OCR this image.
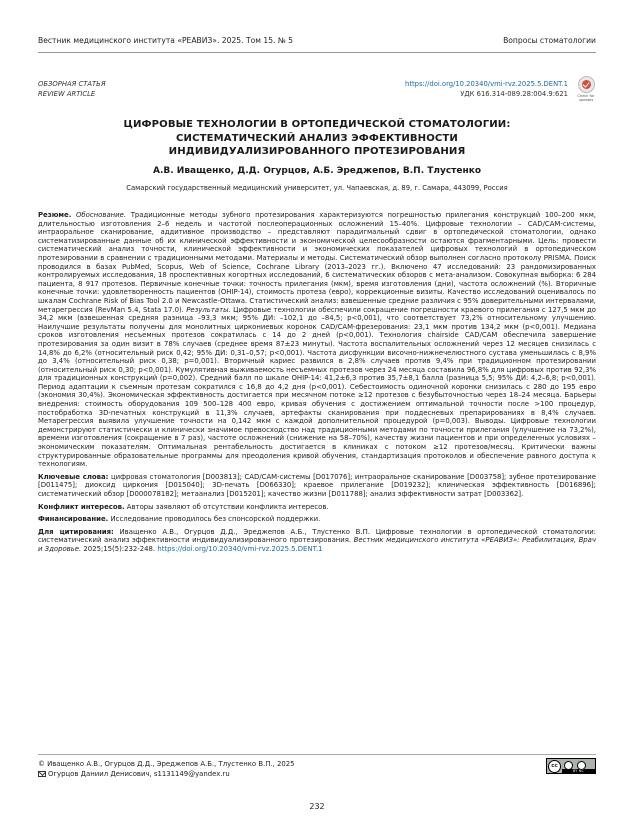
Вестник медицинского института «РЕАВИЗ». 2025. Том 15. № 5	Вопросы стоматологии
ОБЗОРНАЯ СТАТЬЯ
REVIEW ARTICLE
https://doi.org/10.20340/vmi-rvz.2025.5.DENT.1
УДК 616.314-089.28:004.9:621	Check for updates
ЦИФРОВЫЕ ТЕХНОЛОГИИ В ОРТОПЕДИЧЕСКОЙ СТОМАТОЛОГИИ:
СИСТЕМАТИЧЕСКИЙ АНАЛИЗ ЭФФЕКТИВНОСТИ
ИНДИВИДУАЛИЗИРОВАННОГО ПРОТЕЗИРОВАНИЯ
А.В. Иващенко, Д.Д. Огурцов, А.Б. Эреджепов, В.П. Тлустенко
Самарский государственный медицинский университет, ул. Чапаевская, д. 89, г. Самара, 443099, Россия

Резюме. Обоснование. Традиционные методы зубного протезирования характеризуются погрешностью прилегания конструкций 100–200 мкм, длительностью изготовления 2–6 недель и частотой послеоперационных осложнений 15–40%. Цифровые технологии – CAD/CAM-системы, интраоральное сканирование, аддитивное производство – представляют парадигмальный сдвиг в ортопедической стоматологии, однако систематизированные данные об их клинической эффективности и экономической целесообразности остаются фрагментарными. Цель: провести систематический анализ точности, клинической эффективности и экономических показателей цифровых технологий в ортопедическом протезировании в сравнении с традиционными методами. Материалы и методы. Систематический обзор выполнен согласно протоколу PRISMA. Поиск проводился в базах PubMed, Scopus, Web of Science, Cochrane Library (2013–2023 гг.). Включено 47 исследований: 23 рандомизированных контролируемых исследования, 18 проспективных когортных исследований, 6 систематических обзоров с мета-анализом. Совокупная выборка: 6 284 пациента, 8 917 протезов. Первичные конечные точки: точность прилегания (мкм), время изготовления (дни), частота осложнений (%). Вторичные конечные точки: удовлетворенность пациентов (OHIP-14), стоимость протеза (евро), коррекционные визиты. Качество исследований оценивалось по шкалам Cochrane Risk of Bias Tool 2.0 и Newcastle-Ottawa. Статистический анализ: взвешенные средние различия с 95% доверительными интервалами, метарегрессия (RevMan 5.4, Stata 17.0). Результаты. Цифровые технологии обеспечили сокращение погрешности краевого прилегания с 127,5 мкм до 34,2 мкм (взвешенная средняя разница –93,3 мкм; 95% ДИ: –102,1 до –84,5; p<0,001), что соответствует 73,2% относительному улучшению. Наилучшие результаты получены для монолитных циркониевых коронок CAD/CAM-фрезерования: 23,1 мкм против 134,2 мкм (p<0,001). Медиана сроков изготовления несъемных протезов сократилась с 14 до 2 дней (p<0,001). Технология chairside CAD/CAM обеспечила завершение протезирования за один визит в 78% случаев (среднее время 87±23 минуты). Частота воспалительных осложнений через 12 месяцев снизилась с 14,8% до 6,2% (относительный риск 0,42; 95% ДИ: 0,31–0,57; p<0,001). Частота дисфункции височно-нижнечелюстного сустава уменьшилась с 8,9% до 3,4% (относительный риск 0,38; p=0,001). Вторичный кариес развился в 2,8% случаев против 9,4% при традиционном протезировании (относительный риск 0,30; p<0,001). Кумулятивная выживаемость несъемных протезов через 24 месяца составила 96,8% для цифровых против 92,3% для традиционных конструкций (p=0,002). Средний балл по шкале OHIP-14: 41,2±6,3 против 35,7±8,1 балла (разница 5,5; 95% ДИ: 4,2–6,8; p<0,001). Период адаптации к съемным протезам сократился с 16,8 до 4,2 дня (p<0,001). Себестоимость одиночной коронки снизилась с 280 до 195 евро (экономия 30,4%). Экономическая эффективность достигается при месячном потоке ≥12 протезов с безубыточностью через 18–24 месяца. Барьеры внедрения: стоимость оборудования 109 500–128 400 евро, кривая обучения с достижением оптимальной точности после >100 процедур, постобработка 3D-печатных конструкций в 11,3% случаев, артефакты сканирования при поддесневых препарированиях в 8,4% случаев. Метарегрессия выявила улучшение точности на 0,142 мкм с каждой дополнительной процедурой (p=0,003). Выводы. Цифровые технологии демонстрируют статистически и клинически значимое превосходство над традиционными методами по точности прилегания (улучшение на 73,2%), времени изготовления (сокращение в 7 раз), частоте осложнений (снижение на 58–70%), качеству жизни пациентов и при определенных условиях – экономическим показателям. Оптимальная рентабельность достигается в клиниках с потоком ≥12 протезов/месяц. Критически важны структурированные образовательные программы для преодоления кривой обучения, стандартизация протоколов и обеспечение равного доступа к технологиям.

Ключевые слова: цифровая стоматология [D003813]; CAD/CAM-системы [D017076]; интраоральное сканирование [D003758]; зубное протезирование [D011475]; диоксид циркония [D015040]; 3D-печать [D066330]; краевое прилегание [D019232]; клиническая эффективность [D016896]; систематический обзор [D000078182]; метаанализ [D015201]; качество жизни [D011788]; анализ эффективности затрат [D003362].

Конфликт интересов. Авторы заявляют об отсутствии конфликта интересов.

Финансирование. Исследование проводилось без спонсорской поддержки.

Для цитирования: Иващенко А.В., Огурцов Д.Д., Эреджепов А.Б., Тлустенко В.П. Цифровые технологии в ортопедической стоматологии: систематический анализ эффективности индивидуализированного протезирования. Вестник медицинского института «РЕАВИЗ»: Реабилитация, Врач и Здоровье. 2025;15(5):232-248. https://doi.org/10.20340/vmi-rvz.2025.5.DENT.1

© Иващенко А.В., Огурцов Д.Д., Эреджепов А.Б., Тлустенко В.П., 2025
Огурцов Даниил Денисович, s1131149@yandex.ru
cc
BY NC
232
